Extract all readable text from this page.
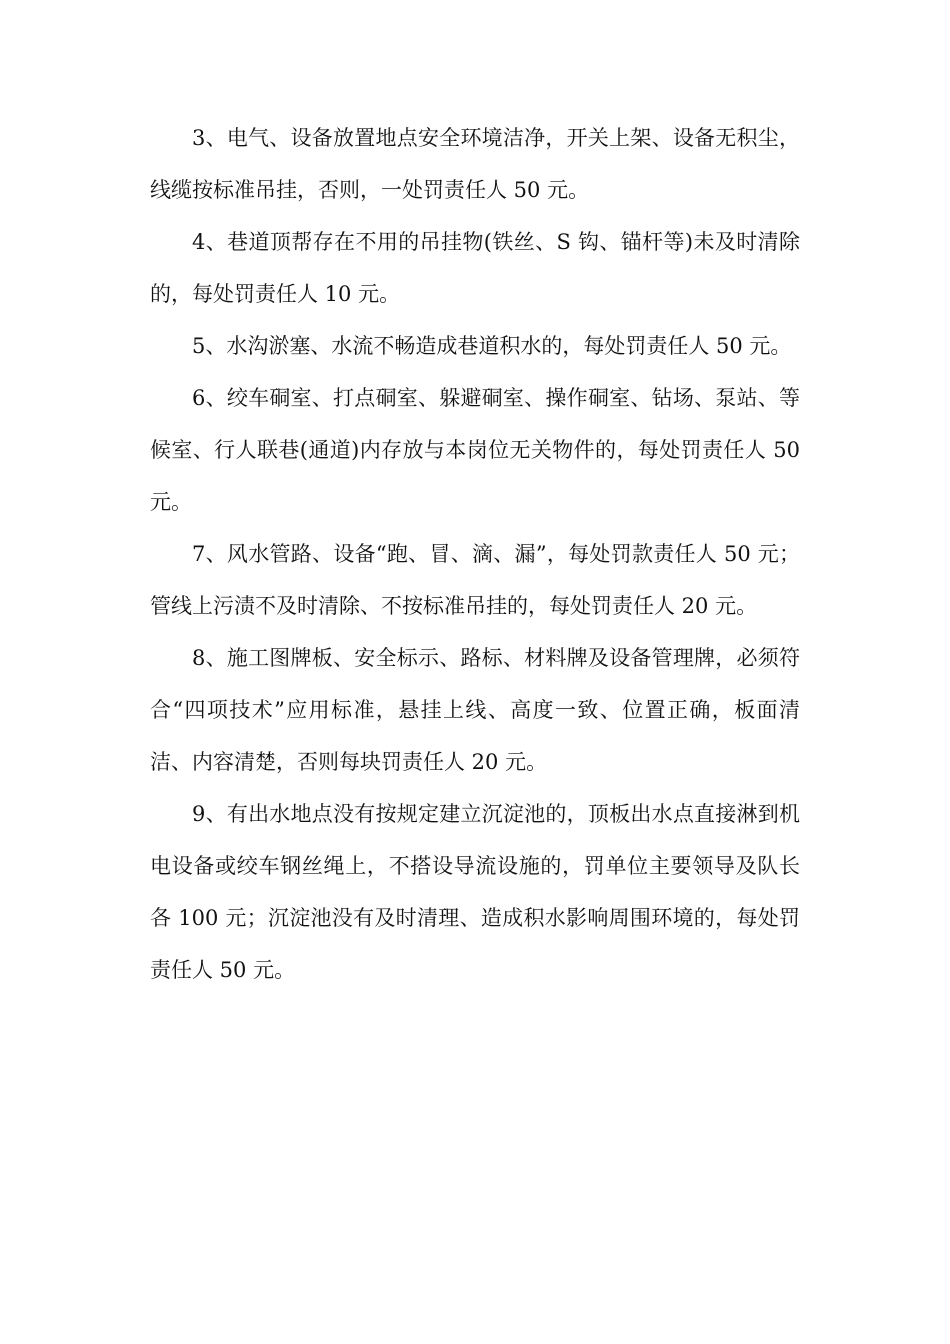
3、电气、设备放置地点安全环境洁净，开关上架、设备无积尘，线缆按标准吊挂，否则，一处罚责任人 50 元。

4、巷道顶帮存在不用的吊挂物(铁丝、S 钩、锚杆等)未及时清除的，每处罚责任人 10 元。

5、水沟淤塞、水流不畅造成巷道积水的，每处罚责任人 50 元。

6、绞车硐室、打点硐室、躲避硐室、操作硐室、钻场、泵站、等候室、行人联巷(通道)内存放与本岗位无关物件的，每处罚责任人 50 元。

7、风水管路、设备“跑、冒、滴、漏”，每处罚款责任人 50 元；管线上污渍不及时清除、不按标准吊挂的，每处罚责任人 20 元。

8、施工图牌板、安全标示、路标、材料牌及设备管理牌，必须符合“四项技术”应用标准，悬挂上线、高度一致、位置正确，板面清洁、内容清楚，否则每块罚责任人 20 元。

9、有出水地点没有按规定建立沉淀池的，顶板出水点直接淋到机电设备或绞车钢丝绳上，不搭设导流设施的，罚单位主要领导及队长各 100 元；沉淀池没有及时清理、造成积水影响周围环境的，每处罚责任人 50 元。
